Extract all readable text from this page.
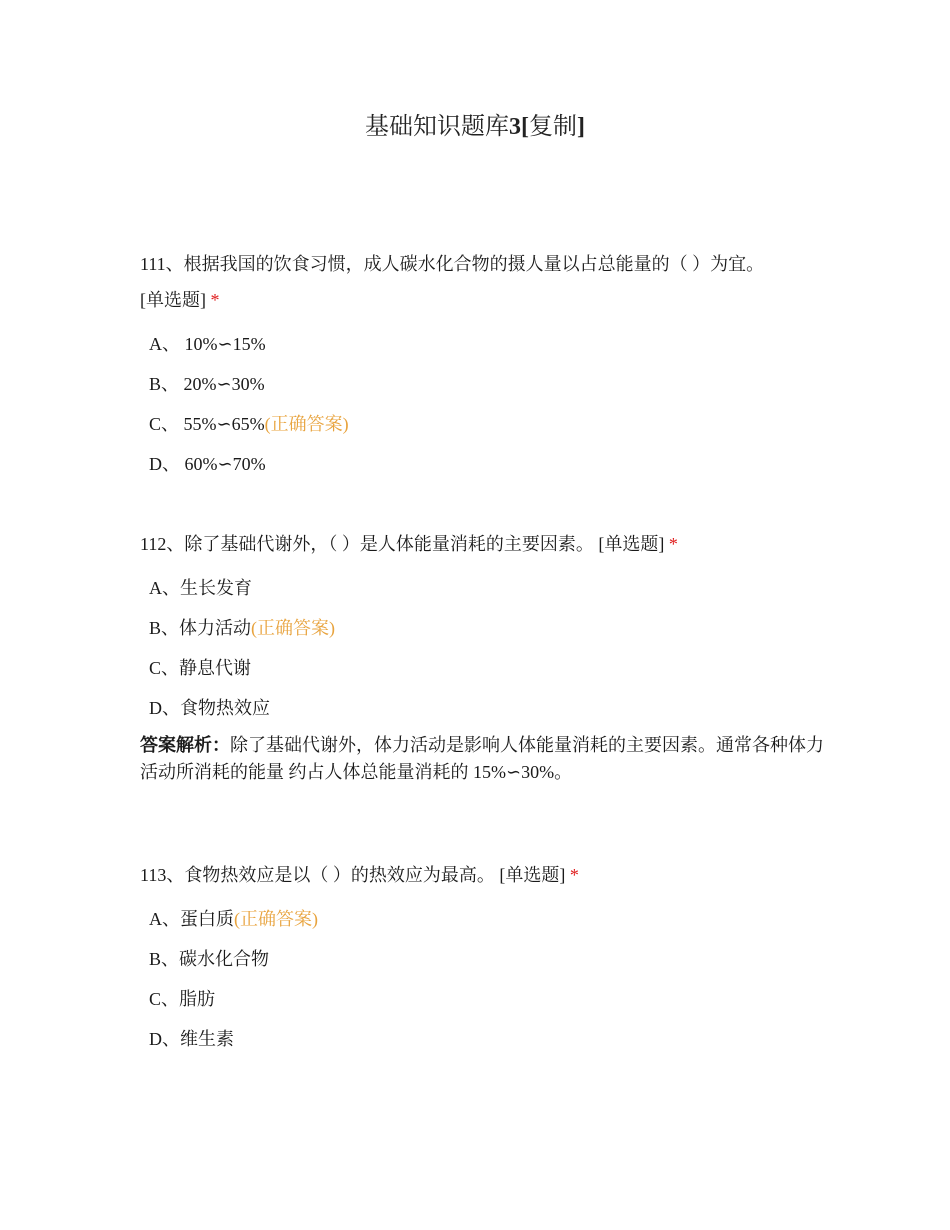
基础知识题库3[复制]

111、根据我国的饮食习惯，成人碳水化合物的摄人量以占总能量的（ ）为宜。
[单选题] *

A、 10%∽15%
B、 20%∽30%
C、 55%∽65%(正确答案)
D、 60%∽70%

112、除了基础代谢外，（ ）是人体能量消耗的主要因素。 [单选题] *

A、生长发育
B、体力活动(正确答案)
C、静息代谢
D、食物热效应
答案解析：除了基础代谢外，体力活动是影响人体能量消耗的主要因素。通常各种体力活动所消耗的能量 约占人体总能量消耗的 15%∽30%。

113、食物热效应是以（ ）的热效应为最高。 [单选题] *

A、蛋白质(正确答案)
B、碳水化合物
C、脂肪
D、维生素
